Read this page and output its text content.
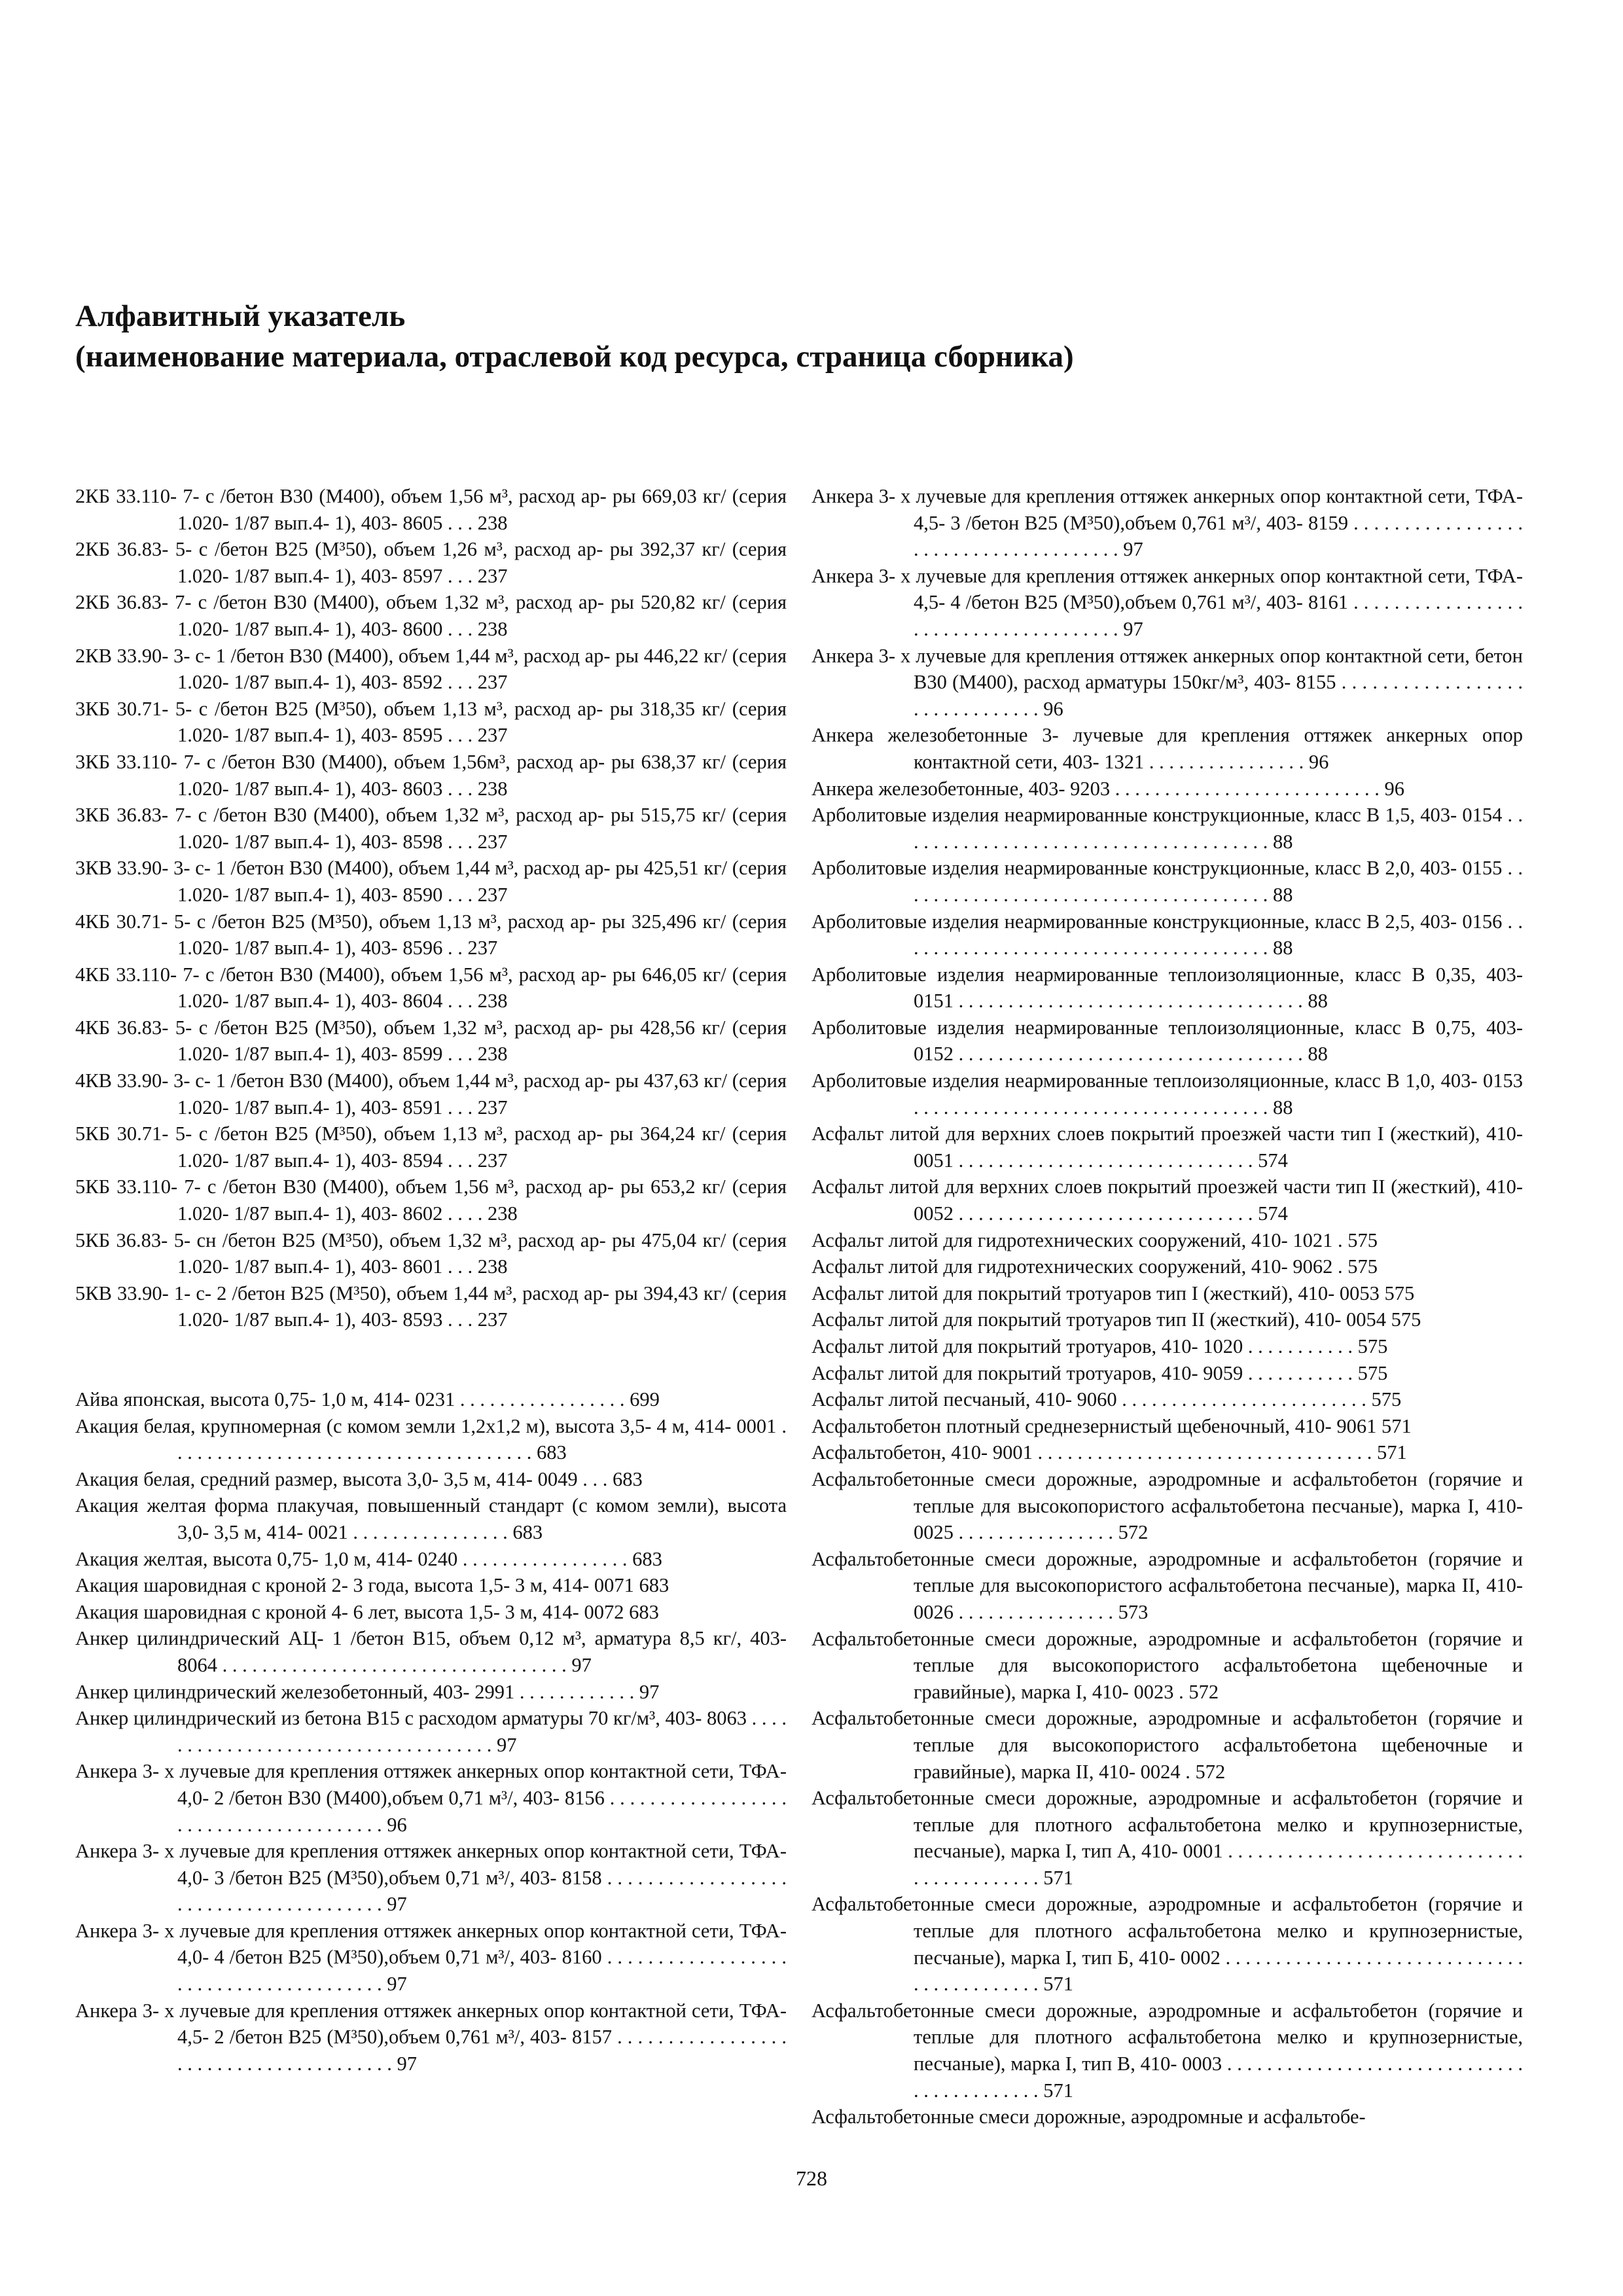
Алфавитный указатель
(наименование материала, отраслевой код ресурса, страница сборника)
2КБ 33.110- 7- с /бетон В30 (М400), объем 1,56 м³, расход ар- ры 669,03 кг/ (серия 1.020- 1/87 вып.4- 1), 403- 8605 . . . 238
2КБ 36.83- 5- с /бетон В25 (М³50), объем 1,26 м³, расход ар- ры 392,37 кг/ (серия 1.020- 1/87 вып.4- 1), 403- 8597 . . . 237
2КБ 36.83- 7- с /бетон В30 (М400), объем 1,32 м³, расход ар- ры 520,82 кг/ (серия 1.020- 1/87 вып.4- 1), 403- 8600 . . . 238
2КВ 33.90- 3- с- 1 /бетон В30 (М400), объем 1,44 м³, расход ар- ры 446,22 кг/ (серия 1.020- 1/87 вып.4- 1), 403- 8592 . . . 237
3КБ 30.71- 5- с /бетон В25 (М³50), объем 1,13 м³, расход ар- ры 318,35 кг/ (серия 1.020- 1/87 вып.4- 1), 403- 8595 . . . 237
3КБ 33.110- 7- с /бетон В30 (М400), объем 1,56м³, расход ар- ры 638,37 кг/ (серия 1.020- 1/87 вып.4- 1), 403- 8603 . . . 238
3КБ 36.83- 7- с /бетон В30 (М400), объем 1,32 м³, расход ар- ры 515,75 кг/ (серия 1.020- 1/87 вып.4- 1), 403- 8598 . . . 237
3КВ 33.90- 3- с- 1 /бетон В30 (М400), объем 1,44 м³, расход ар- ры 425,51 кг/ (серия 1.020- 1/87 вып.4- 1), 403- 8590 . . . 237
4КБ 30.71- 5- с /бетон В25 (М³50), объем 1,13 м³, расход ар- ры 325,496 кг/ (серия 1.020- 1/87 вып.4- 1), 403- 8596 . . 237
4КБ 33.110- 7- с /бетон В30 (М400), объем 1,56 м³, расход ар- ры 646,05 кг/ (серия 1.020- 1/87 вып.4- 1), 403- 8604 . . . 238
4КБ 36.83- 5- с /бетон В25 (М³50), объем 1,32 м³, расход ар- ры 428,56 кг/ (серия 1.020- 1/87 вып.4- 1), 403- 8599 . . . 238
4КВ 33.90- 3- с- 1 /бетон В30 (М400), объем 1,44 м³, расход ар- ры 437,63 кг/ (серия 1.020- 1/87 вып.4- 1), 403- 8591 . . . 237
5КБ 30.71- 5- с /бетон В25 (М³50), объем 1,13 м³, расход ар- ры 364,24 кг/ (серия 1.020- 1/87 вып.4- 1), 403- 8594 . . . 237
5КБ 33.110- 7- с /бетон В30 (М400), объем 1,56 м³, расход ар- ры 653,2 кг/ (серия 1.020- 1/87 вып.4- 1), 403- 8602 . . . . 238
5КБ 36.83- 5- сн /бетон В25 (М³50), объем 1,32 м³, расход ар- ры 475,04 кг/ (серия 1.020- 1/87 вып.4- 1), 403- 8601 . . . 238
5КВ 33.90- 1- с- 2 /бетон В25 (М³50), объем 1,44 м³, расход ар- ры 394,43 кг/ (серия 1.020- 1/87 вып.4- 1), 403- 8593 . . . 237
Айва японская, высота 0,75- 1,0 м, 414- 0231 . . . . . . . . . . . . . . . . . 699
Акация белая, крупномерная (с комом земли 1,2х1,2 м), высота 3,5- 4 м, 414- 0001 . . . . . . . . . . . . . . . . . . . . . . . . . . . . . . . . . . . . . 683
Акация белая, средний размер, высота 3,0- 3,5 м, 414- 0049 . . . 683
Акация желтая форма плакучая, повышенный стандарт (с комом земли), высота 3,0- 3,5 м, 414- 0021 . . . . . . . . . . . . . . . . 683
Акация желтая, высота 0,75- 1,0 м, 414- 0240 . . . . . . . . . . . . . . . . . 683
Акация шаровидная с кроной 2- 3 года, высота 1,5- 3 м, 414- 0071 683
Акация шаровидная с кроной 4- 6 лет, высота 1,5- 3 м, 414- 0072 683
Анкер цилиндрический АЦ- 1 /бетон В15, объем 0,12 м³, арматура 8,5 кг/, 403- 8064 . . . . . . . . . . . . . . . . . . . . . . . . . . . . . . . . . . . 97
Анкер цилиндрический железобетонный, 403- 2991 . . . . . . . . . . . . 97
Анкер цилиндрический из бетона В15 с расходом арматуры 70 кг/м³, 403- 8063 . . . . . . . . . . . . . . . . . . . . . . . . . . . . . . . . . . . . 97
Анкера 3- х лучевые для крепления оттяжек анкерных опор контактной сети, ТФА- 4,0- 2 /бетон В30 (М400),объем 0,71 м³/, 403- 8156 . . . . . . . . . . . . . . . . . . . . . . . . . . . . . . . . . . . . . . . 96
Анкера 3- х лучевые для крепления оттяжек анкерных опор контактной сети, ТФА- 4,0- 3 /бетон В25 (М³50),объем 0,71 м³/, 403- 8158 . . . . . . . . . . . . . . . . . . . . . . . . . . . . . . . . . . . . . . . 97
Анкера 3- х лучевые для крепления оттяжек анкерных опор контактной сети, ТФА- 4,0- 4 /бетон В25 (М³50),объем 0,71 м³/, 403- 8160 . . . . . . . . . . . . . . . . . . . . . . . . . . . . . . . . . . . . . . . 97
Анкера 3- х лучевые для крепления оттяжек анкерных опор контактной сети, ТФА- 4,5- 2 /бетон В25 (М³50),объем 0,761 м³/, 403- 8157 . . . . . . . . . . . . . . . . . . . . . . . . . . . . . . . . . . . . . . . 97
Анкера 3- х лучевые для крепления оттяжек анкерных опор контактной сети, ТФА- 4,5- 3 /бетон В25 (М³50),объем 0,761 м³/, 403- 8159 . . . . . . . . . . . . . . . . . . . . . . . . . . . . . . . . . . . . . . 97
Анкера 3- х лучевые для крепления оттяжек анкерных опор контактной сети, ТФА- 4,5- 4 /бетон В25 (М³50),объем 0,761 м³/, 403- 8161 . . . . . . . . . . . . . . . . . . . . . . . . . . . . . . . . . . . . . . 97
Анкера 3- х лучевые для крепления оттяжек анкерных опор контактной сети, бетон В30 (М400), расход арматуры 150кг/м³, 403- 8155 . . . . . . . . . . . . . . . . . . . . . . . . . . . . . . . 96
Анкера железобетонные 3- лучевые для крепления оттяжек анкерных опор контактной сети, 403- 1321 . . . . . . . . . . . . . . . . 96
Анкера железобетонные, 403- 9203 . . . . . . . . . . . . . . . . . . . . . . . . . . . 96
Арболитовые изделия неармированные конструкционные, класс В 1,5, 403- 0154 . . . . . . . . . . . . . . . . . . . . . . . . . . . . . . . . . . . . . . 88
Арболитовые изделия неармированные конструкционные, класс В 2,0, 403- 0155 . . . . . . . . . . . . . . . . . . . . . . . . . . . . . . . . . . . . . . 88
Арболитовые изделия неармированные конструкционные, класс В 2,5, 403- 0156 . . . . . . . . . . . . . . . . . . . . . . . . . . . . . . . . . . . . . . 88
Арболитовые изделия неармированные теплоизоляционные, класс В 0,35, 403- 0151 . . . . . . . . . . . . . . . . . . . . . . . . . . . . . . . . . . . 88
Арболитовые изделия неармированные теплоизоляционные, класс В 0,75, 403- 0152 . . . . . . . . . . . . . . . . . . . . . . . . . . . . . . . . . . . 88
Арболитовые изделия неармированные теплоизоляционные, класс В 1,0, 403- 0153 . . . . . . . . . . . . . . . . . . . . . . . . . . . . . . . . . . . . 88
Асфальт литой для верхних слоев покрытий проезжей части тип I (жесткий), 410- 0051 . . . . . . . . . . . . . . . . . . . . . . . . . . . . . . 574
Асфальт литой для верхних слоев покрытий проезжей части тип II (жесткий), 410- 0052 . . . . . . . . . . . . . . . . . . . . . . . . . . . . . . 574
Асфальт литой для гидротехнических сооружений, 410- 1021 . 575
Асфальт литой для гидротехнических сооружений, 410- 9062 . 575
Асфальт литой для покрытий тротуаров тип I (жесткий), 410- 0053 575
Асфальт литой для покрытий тротуаров тип II (жесткий), 410- 0054 575
Асфальт литой для покрытий тротуаров, 410- 1020 . . . . . . . . . . . 575
Асфальт литой для покрытий тротуаров, 410- 9059 . . . . . . . . . . . 575
Асфальт литой песчаный, 410- 9060 . . . . . . . . . . . . . . . . . . . . . . . . . 575
Асфальтобетон плотный среднезернистый щебеночный, 410- 9061 571
Асфальтобетон, 410- 9001 . . . . . . . . . . . . . . . . . . . . . . . . . . . . . . . . . . 571
Асфальтобетонные смеси дорожные, аэродромные и асфальтобетон (горячие и теплые для высокопористого асфальтобетона песчаные), марка I, 410- 0025 . . . . . . . . . . . . . . . . 572
Асфальтобетонные смеси дорожные, аэродромные и асфальтобетон (горячие и теплые для высокопористого асфальтобетона песчаные), марка II, 410- 0026 . . . . . . . . . . . . . . . . 573
Асфальтобетонные смеси дорожные, аэродромные и асфальтобетон (горячие и теплые для высокопористого асфальтобетона щебеночные и гравийные), марка I, 410- 0023 . 572
Асфальтобетонные смеси дорожные, аэродромные и асфальтобетон (горячие и теплые для высокопористого асфальтобетона щебеночные и гравийные), марка II, 410- 0024 . 572
Асфальтобетонные смеси дорожные, аэродромные и асфальтобетон (горячие и теплые для плотного асфальтобетона мелко и крупнозернистые, песчаные), марка I, тип А, 410- 0001 . . . . . . . . . . . . . . . . . . . . . . . . . . . . . . . . . . . . . . . . . . . 571
Асфальтобетонные смеси дорожные, аэродромные и асфальтобетон (горячие и теплые для плотного асфальтобетона мелко и крупнозернистые, песчаные), марка I, тип Б, 410- 0002 . . . . . . . . . . . . . . . . . . . . . . . . . . . . . . . . . . . . . . . . . . . 571
Асфальтобетонные смеси дорожные, аэродромные и асфальтобетон (горячие и теплые для плотного асфальтобетона мелко и крупнозернистые, песчаные), марка I, тип В, 410- 0003 . . . . . . . . . . . . . . . . . . . . . . . . . . . . . . . . . . . . . . . . . . . 571
Асфальтобетонные смеси дорожные, аэродромные и асфальтобе-
728
